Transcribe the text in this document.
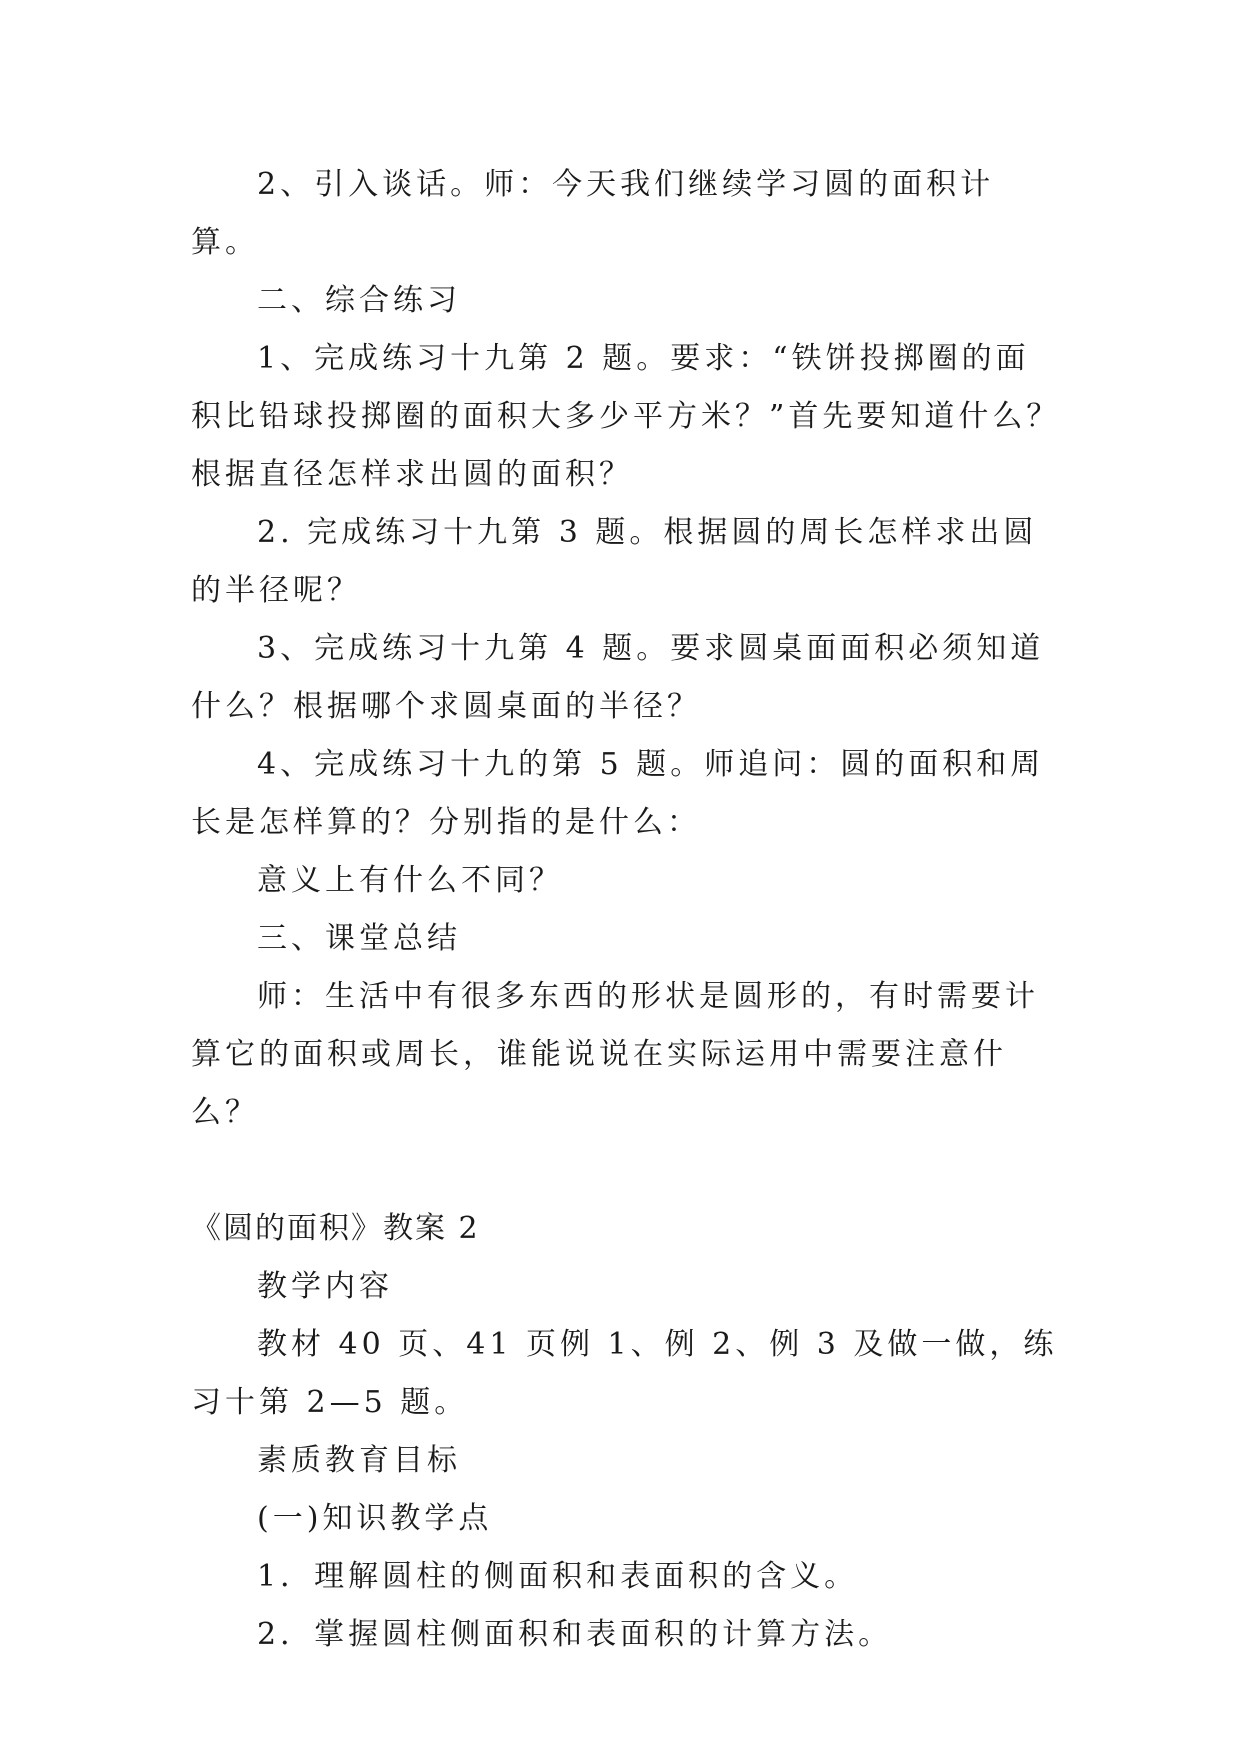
2、引入谈话。师：今天我们继续学习圆的面积计算。

二、综合练习

1、完成练习十九第 2 题。要求：“铁饼投掷圈的面积比铅球投掷圈的面积大多少平方米？”首先要知道什么？根据直径怎样求出圆的面积？

2. 完成练习十九第 3 题。根据圆的周长怎样求出圆的半径呢？

3、完成练习十九第 4 题。要求圆桌面面积必须知道什么？根据哪个求圆桌面的半径？

4、完成练习十九的第 5 题。师追问：圆的面积和周长是怎样算的？分别指的是什么：

意义上有什么不同？

三、课堂总结

师：生活中有很多东西的形状是圆形的，有时需要计算它的面积或周长，谁能说说在实际运用中需要注意什么？

《圆的面积》教案 2

教学内容

教材 40 页、41 页例 1、例 2、例 3 及做一做，练习十第 2—5 题。

素质教育目标

(一)知识教学点

1．理解圆柱的侧面积和表面积的含义。

2．掌握圆柱侧面积和表面积的计算方法。
